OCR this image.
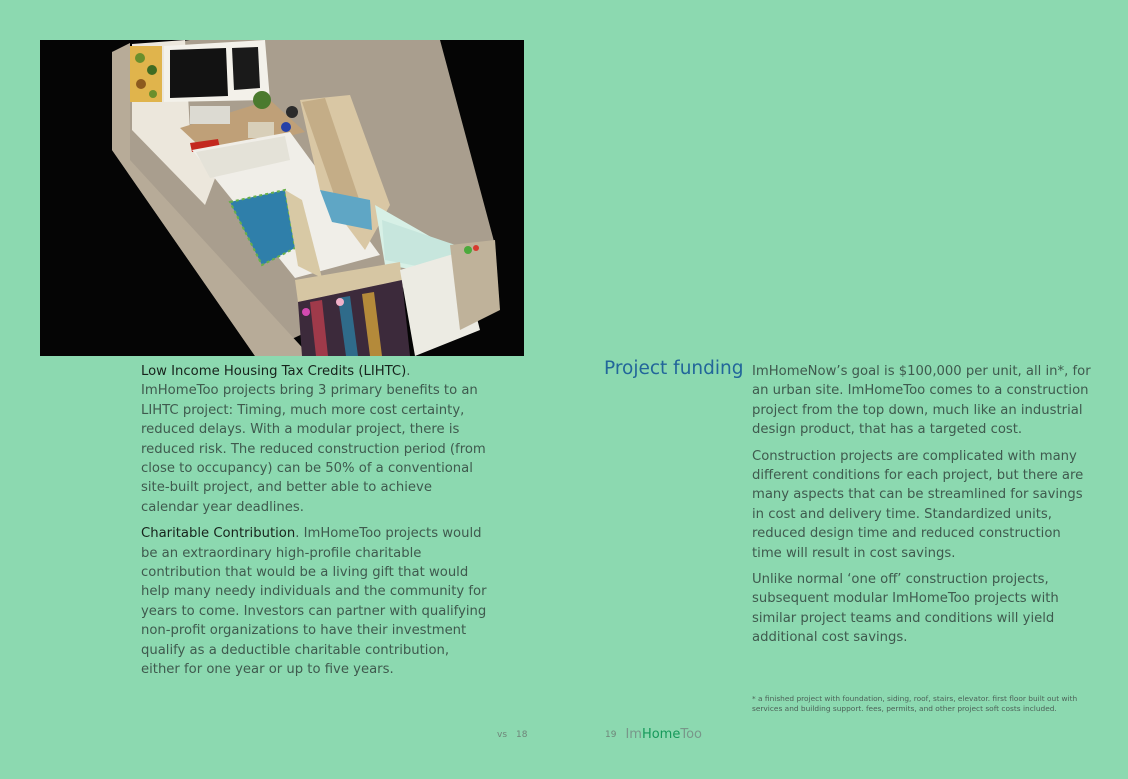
Low Income Housing Tax Credits (LIHTC). ImHomeToo projects bring 3 primary benefits to an LIHTC project: Timing, much more cost certainty, reduced delays. With a modular project, there is reduced risk. The reduced construction period (from close to occupancy) can be 50% of a conventional site-built project, and better able to achieve calendar year deadlines.

Charitable Contribution. ImHomeToo projects would be an extraordinary high-profile charitable contribution that would be a living gift that would help many needy individuals and the community for years to come. Investors can partner with qualifying non-profit organizations to have their investment qualify as a deductible charitable contribution, either for one year or up to five years.

Project funding ImHomeNow’s goal is $100,000 per unit, all in*, for an urban site. ImHomeToo comes to a construction project from the top down, much like an industrial design product, that has a targeted cost.

Construction projects are complicated with many different conditions for each project, but there are many aspects that can be streamlined for savings in cost and delivery time. Standardized units, reduced design time and reduced construction time will result in cost savings.

Unlike normal ‘one off’ construction projects, subsequent modular ImHomeToo projects with similar project teams and conditions will yield additional cost savings.

* a finished project with foundation, siding, roof, stairs, elevator. first floor built out with services and building support. fees, permits, and other project soft costs included.
vs 18	19 ImHomeToo
